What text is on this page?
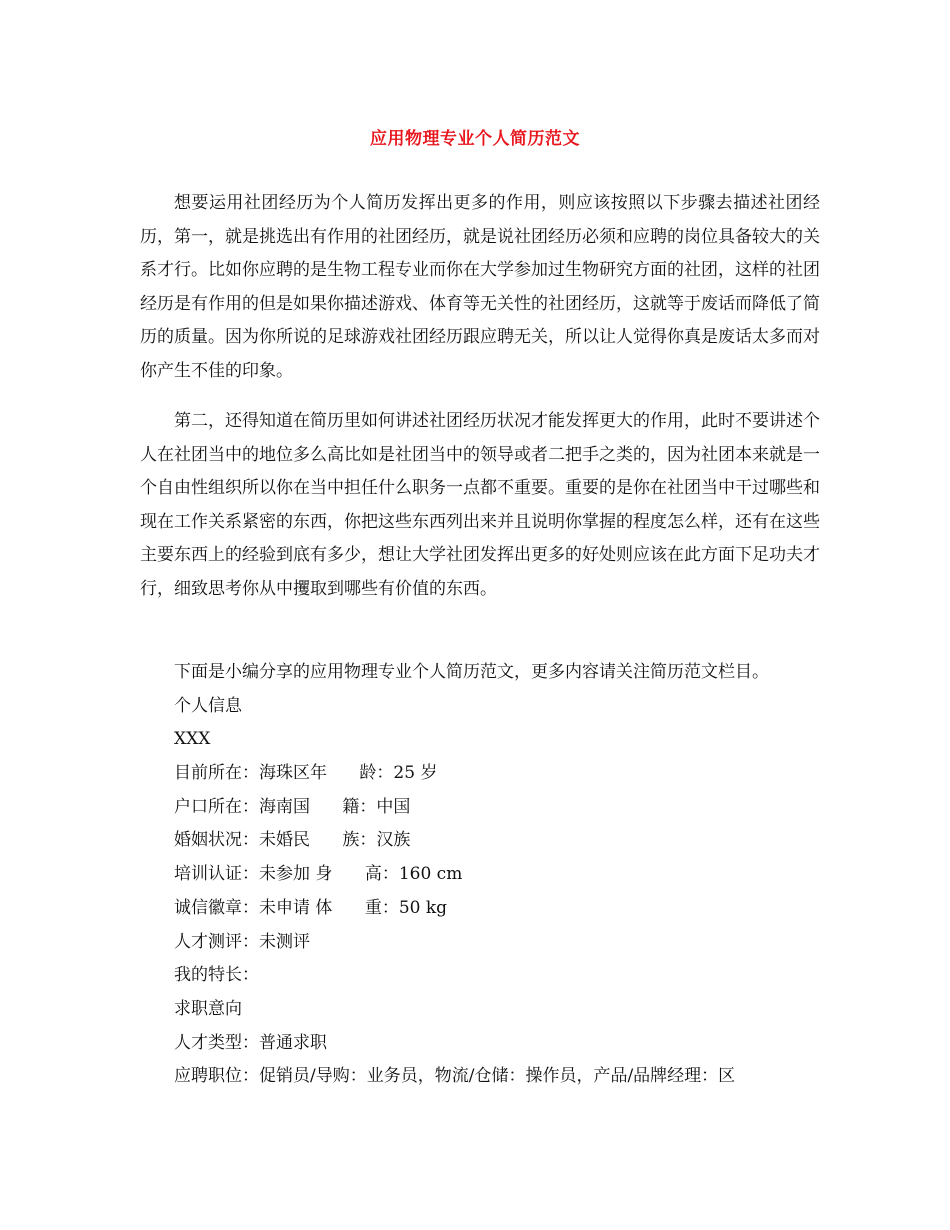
应用物理专业个人简历范文

想要运用社团经历为个人简历发挥出更多的作用，则应该按照以下步骤去描述社团经历，第一，就是挑选出有作用的社团经历，就是说社团经历必须和应聘的岗位具备较大的关系才行。比如你应聘的是生物工程专业而你在大学参加过生物研究方面的社团，这样的社团经历是有作用的但是如果你描述游戏、体育等无关性的社团经历，这就等于废话而降低了简历的质量。因为你所说的足球游戏社团经历跟应聘无关，所以让人觉得你真是废话太多而对你产生不佳的印象。

第二，还得知道在简历里如何讲述社团经历状况才能发挥更大的作用，此时不要讲述个人在社团当中的地位多么高比如是社团当中的领导或者二把手之类的，因为社团本来就是一个自由性组织所以你在当中担任什么职务一点都不重要。重要的是你在社团当中干过哪些和现在工作关系紧密的东西，你把这些东西列出来并且说明你掌握的程度怎么样，还有在这些主要东西上的经验到底有多少，想让大学社团发挥出更多的好处则应该在此方面下足功夫才行，细致思考你从中攫取到哪些有价值的东西。

下面是小编分享的应用物理专业个人简历范文，更多内容请关注简历范文栏目。
个人信息
XXX
目前所在：海珠区年      龄：25 岁
户口所在：海南国      籍：中国
婚姻状况：未婚民      族：汉族
培训认证：未参加 身      高：160 cm
诚信徽章：未申请 体      重：50 kg
人才测评：未测评
我的特长：
求职意向
人才类型：普通求职
应聘职位：促销员/导购：业务员，物流/仓储：操作员，产品/品牌经理：区
